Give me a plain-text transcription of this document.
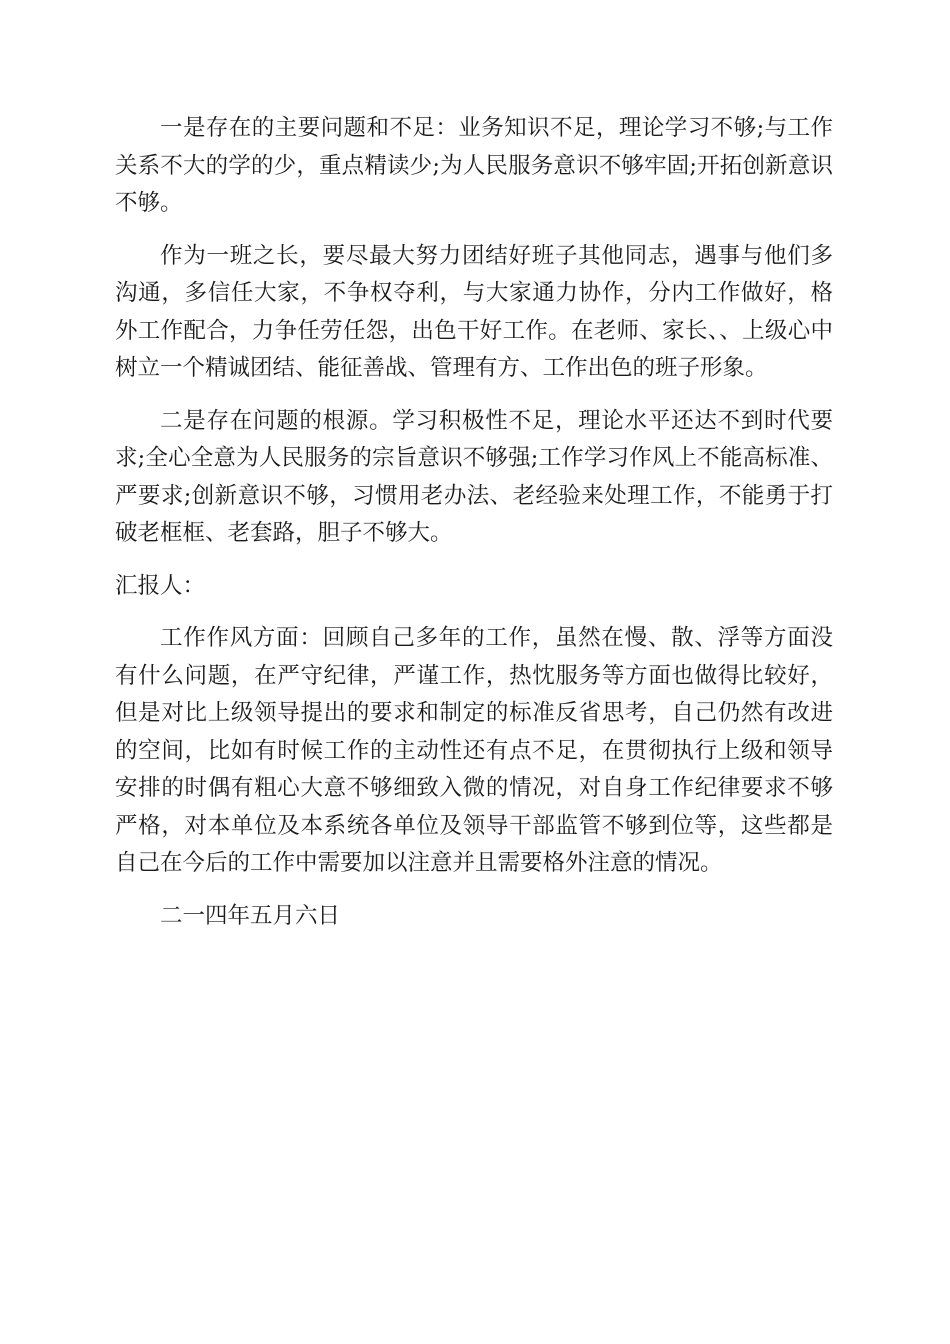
一是存在的主要问题和不足：业务知识不足，理论学习不够;与工作关系不大的学的少，重点精读少;为人民服务意识不够牢固;开拓创新意识不够。

作为一班之长，要尽最大努力团结好班子其他同志，遇事与他们多沟通，多信任大家，不争权夺利，与大家通力协作，分内工作做好，格外工作配合，力争任劳任怨，出色干好工作。在老师、家长、、上级心中树立一个精诚团结、能征善战、管理有方、工作出色的班子形象。

二是存在问题的根源。学习积极性不足，理论水平还达不到时代要求;全心全意为人民服务的宗旨意识不够强;工作学习作风上不能高标准、严要求;创新意识不够，习惯用老办法、老经验来处理工作，不能勇于打破老框框、老套路，胆子不够大。

汇报人：

工作作风方面：回顾自己多年的工作，虽然在慢、散、浮等方面没有什么问题，在严守纪律，严谨工作，热忱服务等方面也做得比较好，但是对比上级领导提出的要求和制定的标准反省思考，自己仍然有改进的空间，比如有时候工作的主动性还有点不足，在贯彻执行上级和领导安排的时偶有粗心大意不够细致入微的情况，对自身工作纪律要求不够严格，对本单位及本系统各单位及领导干部监管不够到位等，这些都是自己在今后的工作中需要加以注意并且需要格外注意的情况。

二一四年五月六日
